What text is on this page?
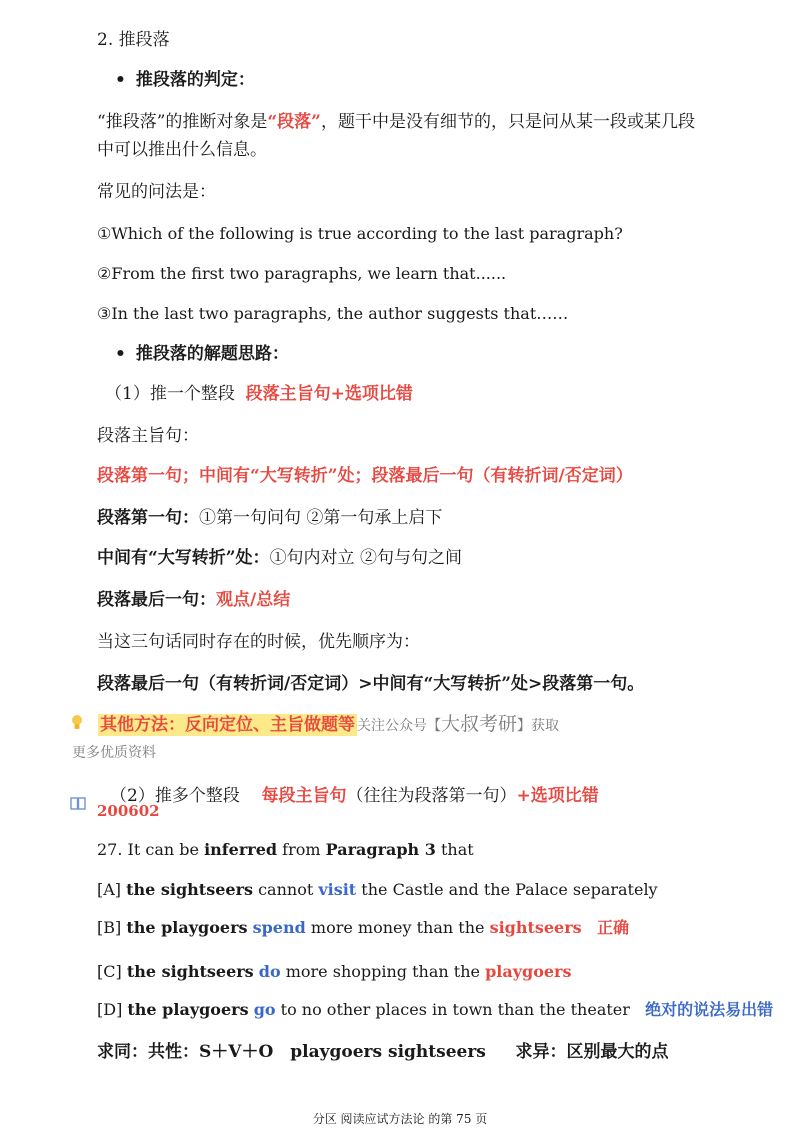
2. 推段落
• 推段落的判定：
“推段落”的推断对象是“段落”，题干中是没有细节的，只是问从某一段或某几段
中可以推出什么信息。
常见的问法是：
①Which of the following is true according to the last paragraph?
②From the first two paragraphs, we learn that......
③In the last two paragraphs, the author suggests that……
• 推段落的解题思路：
（1）推一个整段 段落主旨句+选项比错
段落主旨句：
段落第一句；中间有“大写转折”处；段落最后一句（有转折词/否定词）
段落第一句：①第一句问句 ②第一句承上启下
中间有“大写转折”处：①句内对立 ②句与句之间
段落最后一句：观点/总结
当这三句话同时存在的时候，优先顺序为：
段落最后一句（有转折词/否定词）>中间有“大写转折”处>段落第一句。
其他方法：反向定位、主旨做题等 关注公众号【大叔考研】获取
更多优质资料
（2）推多个整段 每段主旨句（往往为段落第一句）+选项比错
200602
27. It can be inferred from Paragraph 3 that
[A] the sightseers cannot visit the Castle and the Palace separately
[B] the playgoers spend more money than the sightseers 正确
[C] the sightseers do more shopping than the playgoers
[D] the playgoers go to no other places in town than the theater 绝对的说法易出错
求同：共性：S＋V＋O　playgoers sightseers 求异：区别最大的点
分区 阅读应试方法论 的第 75 页
